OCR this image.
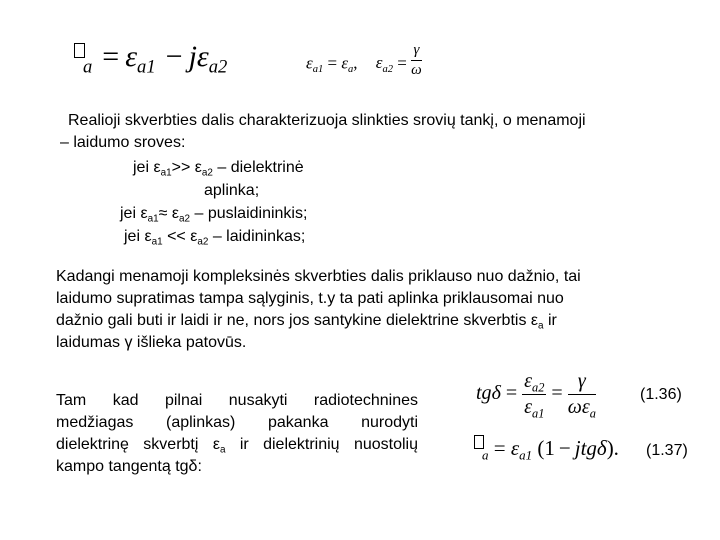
$_a = \varepsilon_{a1} - j\varepsilon_{a2}$	$\varepsilon_{a1} = \varepsilon_a$, $\varepsilon_{a2} = \frac{\gamma}{\omega}$
Realioji skverbties dalis charakterizuoja slinkties srovių tankį, o menamoji
– laidumo sroves:
jei $\varepsilon_{a1}>> \varepsilon_{a2}$ – dielektrinė
aplinka;
jei $\varepsilon_{a1}\approx \varepsilon_{a2}$ – puslaidininkis;
jei $\varepsilon_{a1} << \varepsilon_{a2}$ – laidininkas;
Kadangi menamoji kompleksinės skverbties dalis priklauso nuo dažnio, tai
laidumo supratimas tampa sąlyginis, t.y ta pati aplinka priklausomai nuo
dažnio gali buti ir laidi ir ne, nors jos santykine dielektrine skverbtis $\varepsilon_a$ ir
laidumas γ išlieka patovūs.
Tam kad pilnai nusakyti radiotechnines
medžiagas (aplinkas) pakanka nurodyti
dielektrinę skverbtį $\varepsilon_a$ ir dielektrinių nuostolių
kampo tangentą tgδ:
$tg\delta = \frac{\varepsilon_{a2}}{\varepsilon_{a1}} = \frac{\gamma}{\omega\varepsilon_a}$	(1.36)
$_a = \varepsilon_{a1}$ (1 − jtgδ). (1.37)
